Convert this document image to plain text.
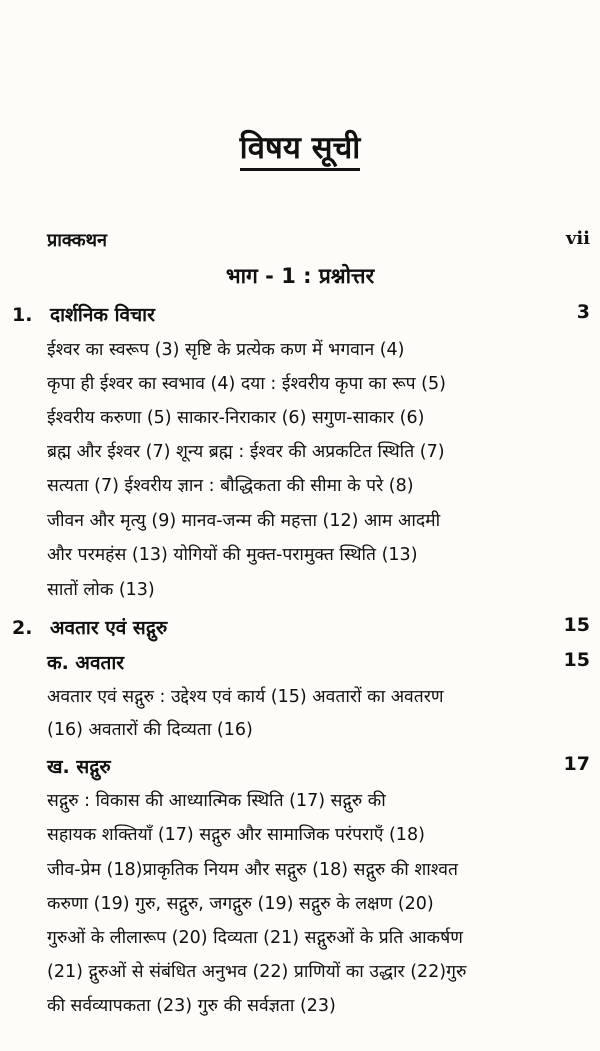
विषय सूची
प्राक्कथन	vii
भाग - 1 : प्रश्नोत्तर
1. दार्शनिक विचार	3
ईश्वर का स्वरूप (3) सृष्टि के प्रत्येक कण में भगवान (4)
कृपा ही ईश्वर का स्वभाव (4) दया : ईश्वरीय कृपा का रूप (5)
ईश्वरीय करुणा (5) साकार-निराकार (6) सगुण-साकार (6)
ब्रह्म और ईश्वर (7) शून्य ब्रह्म : ईश्वर की अप्रकटित स्थिति (7)
सत्यता (7) ईश्वरीय ज्ञान : बौद्धिकता की सीमा के परे (8)
जीवन और मृत्यु (9) मानव-जन्म की महत्ता (12) आम आदमी
और परमहंस (13) योगियों की मुक्त-परामुक्त स्थिति (13)
सातों लोक (13)
2. अवतार एवं सद्गुरु	15
क. अवतार	15
अवतार एवं सद्गुरु : उद्देश्य एवं कार्य (15) अवतारों का अवतरण
(16) अवतारों की दिव्यता (16)
ख. सद्गुरु	17
सद्गुरु : विकास की आध्यात्मिक स्थिति (17) सद्गुरु की
सहायक शक्तियाँ (17) सद्गुरु और सामाजिक परंपराएँ (18)
जीव-प्रेम (18)प्राकृतिक नियम और सद्गुरु (18) सद्गुरु की शाश्वत
करुणा (19) गुरु, सद्गुरु, जगद्गुरु (19) सद्गुरु के लक्षण (20)
गुरुओं के लीलारूप (20) दिव्यता (21) सद्गुरुओं के प्रति आकर्षण
(21) द्गुरुओं से संबंधित अनुभव (22) प्राणियों का उद्धार (22)गुरु
की सर्वव्यापकता (23) गुरु की सर्वज्ञता (23)
